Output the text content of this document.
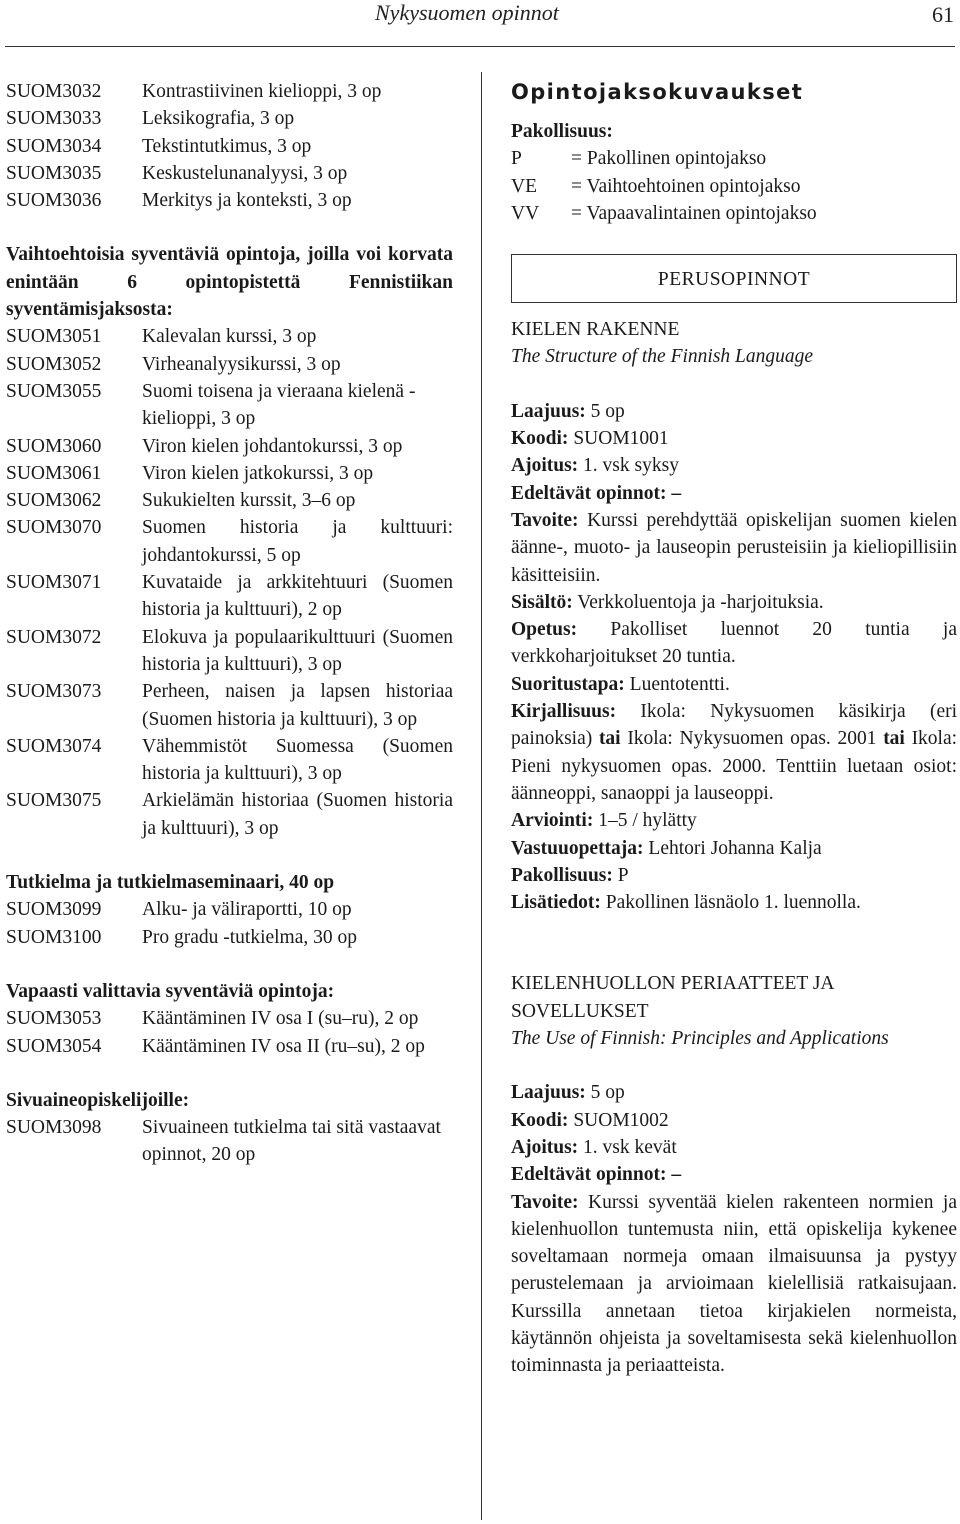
Nykysuomen opinnot	61
SUOM3032	Kontrastiivinen kielioppi, 3 op
SUOM3033	Leksikografia, 3 op
SUOM3034	Tekstintutkimus, 3 op
SUOM3035	Keskustelunanalyysi, 3 op
SUOM3036	Merkitys ja konteksti, 3 op

Vaihtoehtoisia syventäviä opintoja, joilla voi korvata enintään 6 opintopistettä Fennistiikan syventämisjaksosta:

SUOM3051	Kalevalan kurssi, 3 op
SUOM3052	Virheanalyysikurssi, 3 op
SUOM3055	Suomi toisena ja vieraana kielenä -kielioppi, 3 op
SUOM3060	Viron kielen johdantokurssi, 3 op
SUOM3061	Viron kielen jatkokurssi, 3 op
SUOM3062	Sukukielten kurssit, 3–6 op
SUOM3070	Suomen historia ja kulttuuri: johdantokurssi, 5 op
SUOM3071	Kuvataide ja arkkitehtuuri (Suomen historia ja kulttuuri), 2 op
SUOM3072	Elokuva ja populaarikulttuuri (Suomen historia ja kulttuuri), 3 op
SUOM3073	Perheen, naisen ja lapsen historiaa (Suomen historia ja kulttuuri), 3 op
SUOM3074	Vähemmistöt Suomessa (Suomen historia ja kulttuuri), 3 op
SUOM3075	Arkielämän historiaa (Suomen historia ja kulttuuri), 3 op

Tutkielma ja tutkielmaseminaari, 40 op

SUOM3099	Alku- ja väliraportti, 10 op
SUOM3100	Pro gradu -tutkielma, 30 op

Vapaasti valittavia syventäviä opintoja:

SUOM3053	Kääntäminen IV osa I (su–ru), 2 op
SUOM3054	Kääntäminen IV osa II (ru–su), 2 op

Sivuaineopiskelijoille:

SUOM3098	Sivuaineen tutkielma tai sitä vastaavat opinnot, 20 op
Opintojaksokuvaukset

Pakollisuus:

P	= Pakollinen opintojakso
VE	= Vaihtoehtoinen opintojakso
VV	= Vapaavalintainen opintojakso
PERUSOPINNOT

KIELEN RAKENNE

The Structure of the Finnish Language

Laajuus: 5 op

Koodi: SUOM1001

Ajoitus: 1. vsk syksy

Edeltävät opinnot: –

Tavoite: Kurssi perehdyttää opiskelijan suomen kielen äänne-, muoto- ja lauseopin perusteisiin ja kieliopillisiin käsitteisiin.

Sisältö: Verkkoluentoja ja -harjoituksia.

Opetus: Pakolliset luennot 20 tuntia ja verkkoharjoitukset 20 tuntia.

Suoritustapa: Luentotentti.

Kirjallisuus: Ikola: Nykysuomen käsikirja (eri painoksia) tai Ikola: Nykysuomen opas. 2001 tai Ikola: Pieni nykysuomen opas. 2000. Tenttiin luetaan osiot: äänneoppi, sanaoppi ja lauseoppi.

Arviointi: 1–5 / hylätty

Vastuuopettaja: Lehtori Johanna Kalja

Pakollisuus: P

Lisätiedot: Pakollinen läsnäolo 1. luennolla.

KIELENHUOLLON PERIAATTEET JA SOVELLUKSET

The Use of Finnish: Principles and Applications

Laajuus: 5 op

Koodi: SUOM1002

Ajoitus: 1. vsk kevät

Edeltävät opinnot: –

Tavoite: Kurssi syventää kielen rakenteen normien ja kielenhuollon tuntemusta niin, että opiskelija kykenee soveltamaan normeja omaan ilmaisuunsa ja pystyy perustelemaan ja arvioimaan kielellisiä ratkaisujaan. Kurssilla annetaan tietoa kirjakielen normeista, käytännön ohjeista ja soveltamisesta sekä kielenhuollon toiminnasta ja periaatteista.
